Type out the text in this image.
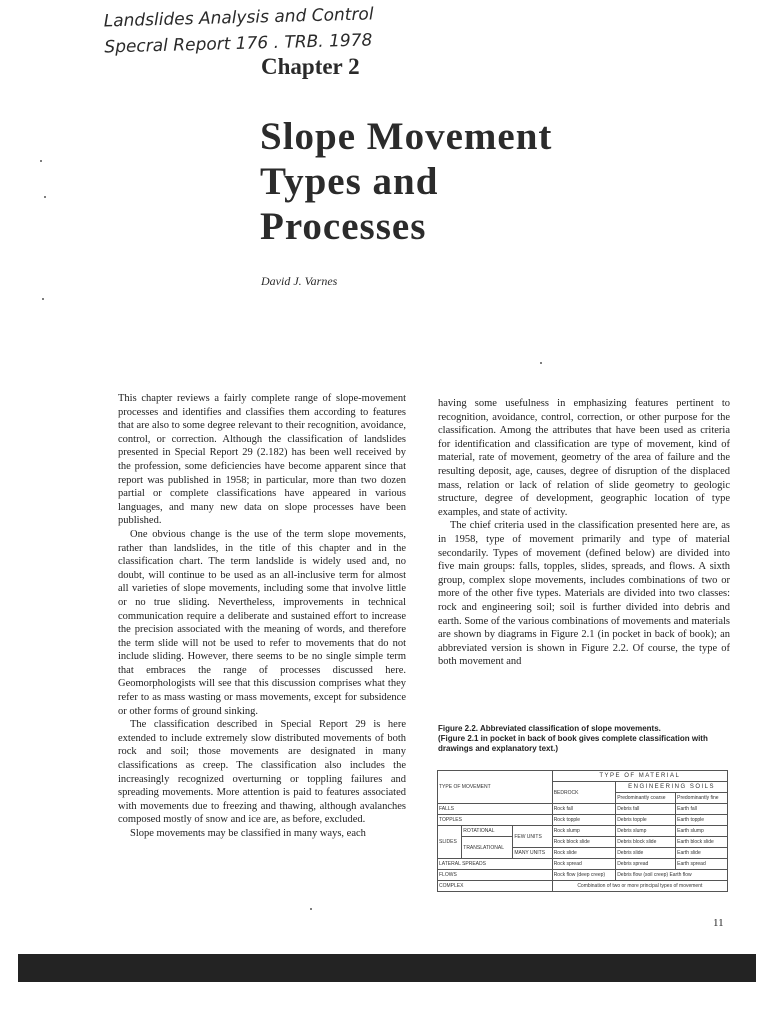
Landslides Analysis and Control
Specral Report 176 . TRB. 1978
Chapter 2
Slope Movement
Types and
Processes
David J. Varnes

This chapter reviews a fairly complete range of slope-movement processes and identifies and classifies them according to features that are also to some degree relevant to their recognition, avoidance, control, or correction. Although the classification of landslides presented in Special Report 29 (2.182) has been well received by the profession, some deficiencies have become apparent since that report was published in 1958; in particular, more than two dozen partial or complete classifications have appeared in various languages, and many new data on slope processes have been published.

One obvious change is the use of the term slope movements, rather than landslides, in the title of this chapter and in the classification chart. The term landslide is widely used and, no doubt, will continue to be used as an all-inclusive term for almost all varieties of slope movements, including some that involve little or no true sliding. Nevertheless, improvements in technical communication require a deliberate and sustained effort to increase the precision associated with the meaning of words, and therefore the term slide will not be used to refer to movements that do not include sliding. However, there seems to be no single simple term that embraces the range of processes discussed here. Geomorphologists will see that this discussion comprises what they refer to as mass wasting or mass movements, except for subsidence or other forms of ground sinking.

The classification described in Special Report 29 is here extended to include extremely slow distributed movements of both rock and soil; those movements are designated in many classifications as creep. The classification also includes the increasingly recognized overturning or toppling failures and spreading movements. More attention is paid to features associated with movements due to freezing and thawing, although avalanches composed mostly of snow and ice are, as before, excluded.

Slope movements may be classified in many ways, each

having some usefulness in emphasizing features pertinent to recognition, avoidance, control, correction, or other purpose for the classification. Among the attributes that have been used as criteria for identification and classification are type of movement, kind of material, rate of movement, geometry of the area of failure and the resulting deposit, age, causes, degree of disruption of the displaced mass, relation or lack of relation of slide geometry to geologic structure, degree of development, geographic location of type examples, and state of activity.

The chief criteria used in the classification presented here are, as in 1958, type of movement primarily and type of material secondarily. Types of movement (defined below) are divided into five main groups: falls, topples, slides, spreads, and flows. A sixth group, complex slope movements, includes combinations of two or more of the other five types. Materials are divided into two classes: rock and engineering soil; soil is further divided into debris and earth. Some of the various combinations of movements and materials are shown by diagrams in Figure 2.1 (in pocket in back of book); an abbreviated version is shown in Figure 2.2. Of course, the type of both movement and

Figure 2.2. Abbreviated classification of slope movements.
(Figure 2.1 in pocket in back of book gives complete classification with drawings and explanatory text.)
TYPE OF MOVEMENT			TYPE OF MATERIAL		
			BEDROCK	ENGINEERING SOILS	
				Predominantly coarse	Predominantly fine
FALLS			Rock fall	Debris fall	Earth fall
TOPPLES			Rock topple	Debris topple	Earth topple
SLIDES	ROTATIONAL	FEW UNITS	Rock slump	Debris slump	Earth slump
	TRANSLATIONAL		Rock block slide	Debris block slide	Earth block slide
		MANY UNITS	Rock slide	Debris slide	Earth slide
LATERAL SPREADS			Rock spread	Debris spread	Earth spread
FLOWS			Rock flow (deep creep)	Debris flow (soil creep) Earth flow	
COMPLEX			Combination of two or more principal types of movement		
11
